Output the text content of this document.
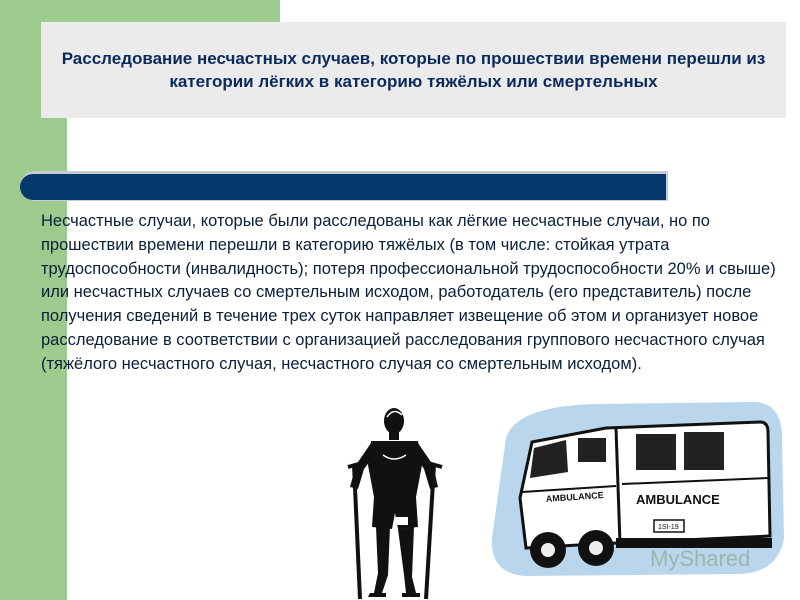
Расследование несчастных случаев, которые по прошествии времени перешли из категории лёгких в категорию тяжёлых или смертельных
Несчастные случаи, которые были расследованы как лёгкие несчастные случаи, но по прошествии времени перешли в категорию тяжёлых (в том числе: стойкая утрата трудоспособности (инвалидность); потеря профессиональной трудоспособности 20% и свыше) или несчастных случаев со смертельным исходом, работодатель (его представитель) после получения сведений в течение трех суток направляет извещение об этом и организует новое расследование в соответствии с организацией расследования группового несчастного случая (тяжёлого несчастного случая, несчастного случая со смертельным исходом).
AMBULANCE AMBULANCE
1SI-19
MyShared
